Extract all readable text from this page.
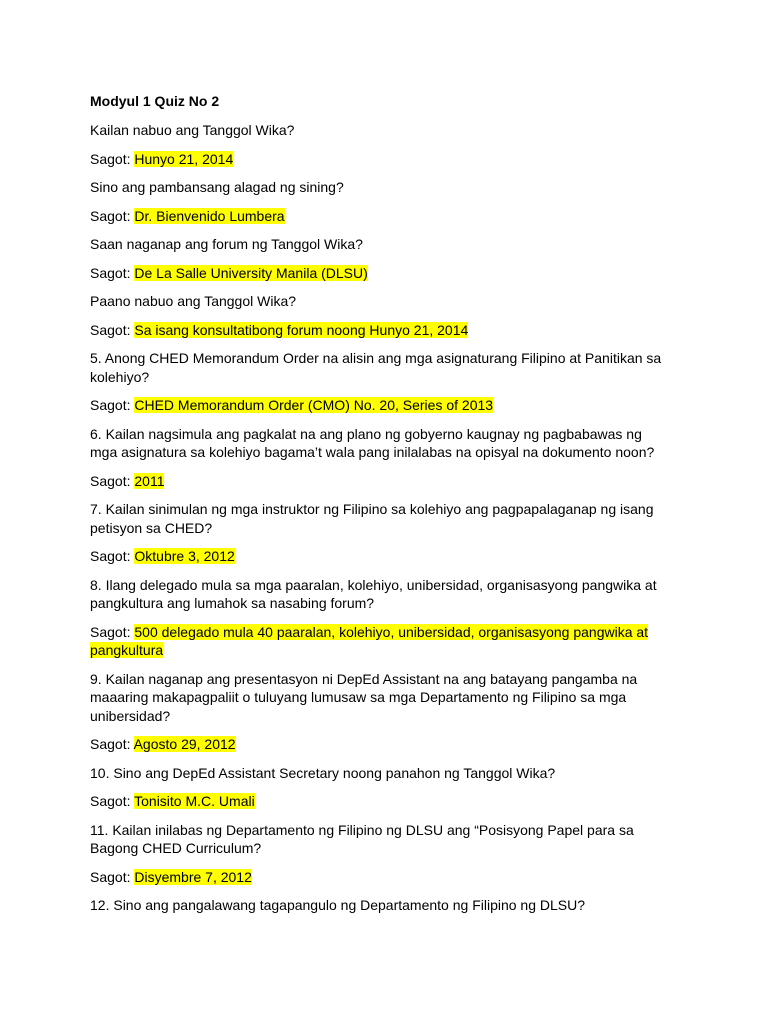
Modyul 1 Quiz No 2
Kailan nabuo ang Tanggol Wika?
Sagot: Hunyo 21, 2014
Sino ang pambansang alagad ng sining?
Sagot: Dr. Bienvenido Lumbera
Saan naganap ang forum ng Tanggol Wika?
Sagot: De La Salle University Manila (DLSU)
Paano nabuo ang Tanggol Wika?
Sagot: Sa isang konsultatibong forum noong Hunyo 21, 2014
5. Anong CHED Memorandum Order na alisin ang mga asignaturang Filipino at Panitikan sa kolehiyo?
Sagot: CHED Memorandum Order (CMO) No. 20, Series of 2013
6. Kailan nagsimula ang pagkalat na ang plano ng gobyerno kaugnay ng pagbabawas ng mga asignatura sa kolehiyo bagama’t wala pang inilalabas na opisyal na dokumento noon?
Sagot: 2011
7. Kailan sinimulan ng mga instruktor ng Filipino sa kolehiyo ang pagpapalaganap ng isang petisyon sa CHED?
Sagot: Oktubre 3, 2012
8. Ilang delegado mula sa mga paaralan, kolehiyo, unibersidad, organisasyong pangwika at pangkultura ang lumahok sa nasabing forum?
Sagot: 500 delegado mula 40 paaralan, kolehiyo, unibersidad, organisasyong pangwika at pangkultura
9. Kailan naganap ang presentasyon ni DepEd Assistant na ang batayang pangamba na maaaring makapagpaliit o tuluyang lumusaw sa mga Departamento ng Filipino sa mga unibersidad?
Sagot: Agosto 29, 2012
10. Sino ang DepEd Assistant Secretary noong panahon ng Tanggol Wika?
Sagot: Tonisito M.C. Umali
11. Kailan inilabas ng Departamento ng Filipino ng DLSU ang “Posisyong Papel para sa Bagong CHED Curriculum?
Sagot: Disyembre 7, 2012
12. Sino ang pangalawang tagapangulo ng Departamento ng Filipino ng DLSU?
